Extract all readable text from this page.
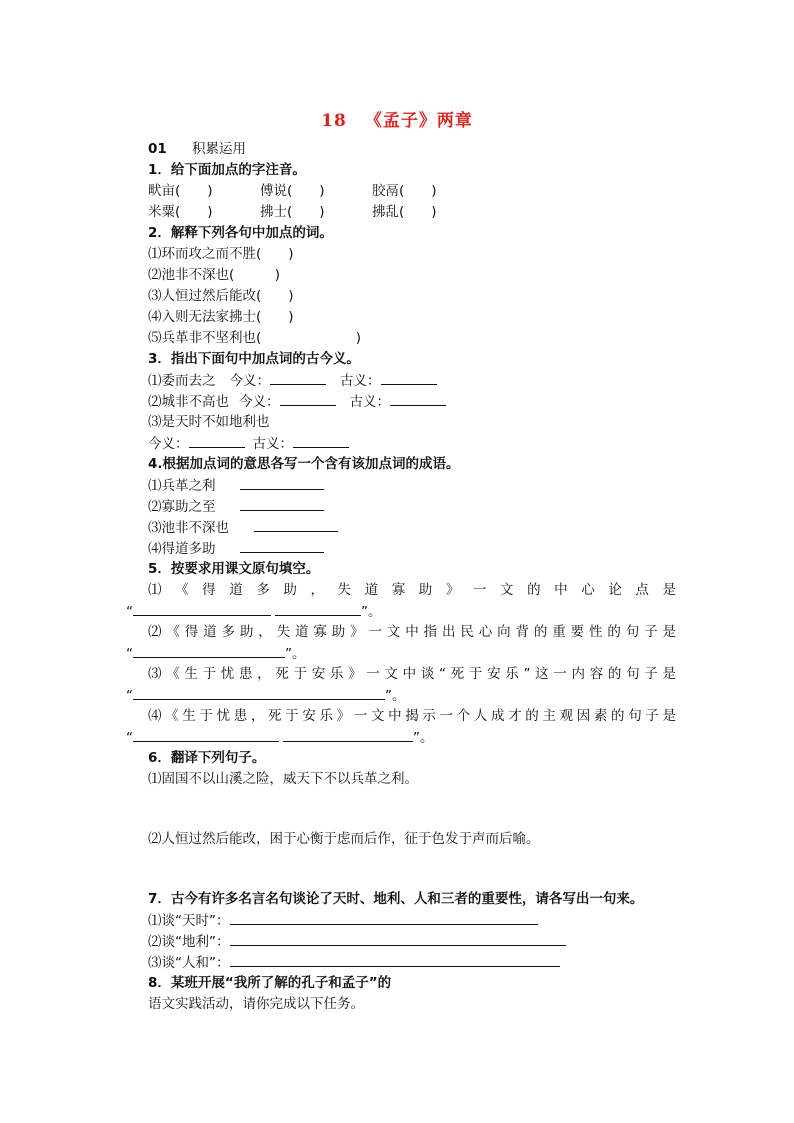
18 《孟子》两章
01 积累运用
1．给下面加点的字注音。
畎亩(　　)	傅说(　　)	胶鬲(　　)
米粟(　　)	拂士(　　)	拂乱(　　)
2．解释下列各句中加点的词。
⑴环而攻之而不胜(　　)
⑵池非不深也(　　　)
⑶人恒过然后能改(　　)
⑷入则无法家拂士(　　)
⑸兵革非不坚利也(　　　　　　　)
3．指出下面句中加点词的古今义。
⑴委而去之 今义：	古义：
⑵城非不高也 今义：	古义：
⑶是天时不如地利也
今义：	古义：
4.根据加点词的意思各写一个含有该加点词的成语。
⑴兵革之利
⑵寡助之至
⑶池非不深也
⑷得道多助
5．按要求用课文原句填空。
⑴《得道多助，失道寡助》一文的中心论点是
“	”。
⑵《得道多助，失道寡助》一文中指出民心向背的重要性的句子是
“	”。
⑶《生于忧患，死于安乐》一文中谈“死于安乐”这一内容的句子是
“	”。
⑷《生于忧患，死于安乐》一文中揭示一个人成才的主观因素的句子是
“	”。
6．翻译下列句子。
⑴固国不以山溪之险，威天下不以兵革之利。
⑵人恒过然后能改，困于心衡于虑而后作，征于色发于声而后喻。
7．古今有许多名言名句谈论了天时、地利、人和三者的重要性，请各写出一句来。
⑴谈“天时”：
⑵谈“地利”：
⑶谈“人和”：
8．某班开展“我所了解的孔子和孟子”的
语文实践活动，请你完成以下任务。
